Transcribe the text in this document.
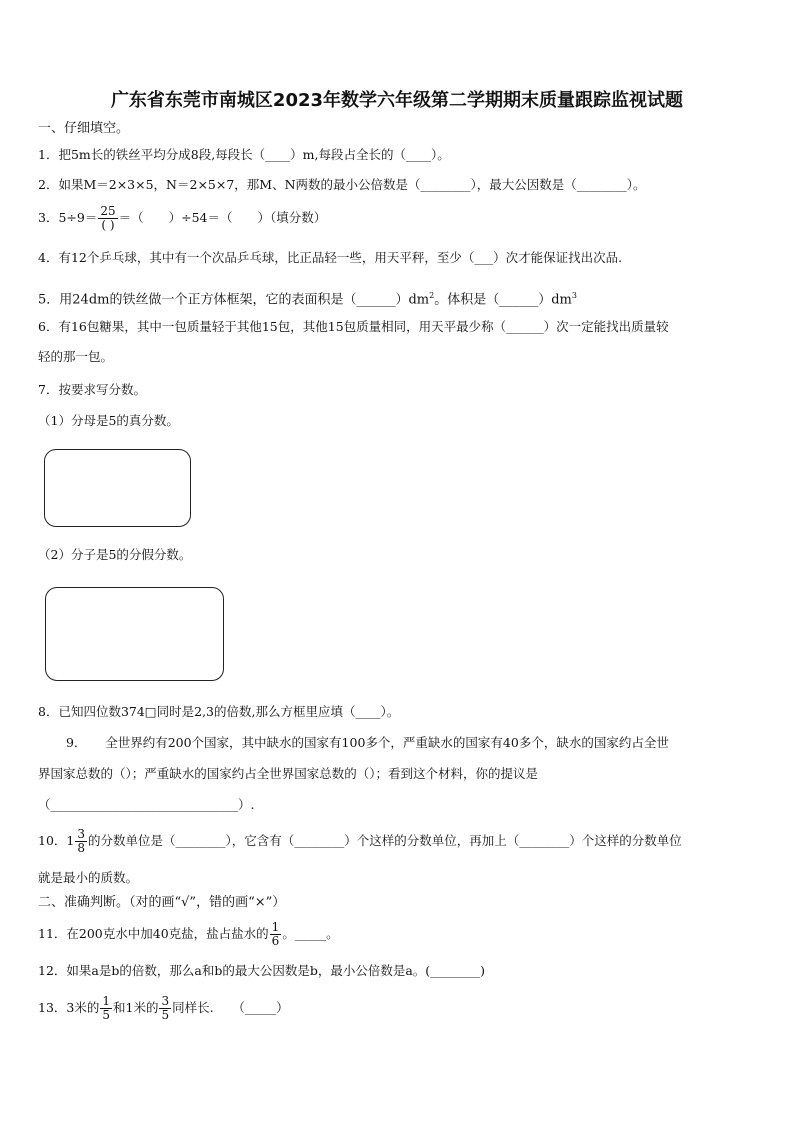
广东省东莞市南城区2023年数学六年级第二学期期末质量跟踪监视试题
一、仔细填空。
1．把5m长的铁丝平均分成8段,每段长（____）m,每段占全长的（____）。
2．如果M＝2×3×5，N＝2×5×7，那M、N两数的最小公倍数是（________），最大公因数是（________）。
3．$5\div 9= \frac{25}{( )}$ ＝（　　）÷54＝（　　）（填分数）
4．有12个乒乓球，其中有一个次品乒乓球，比正品轻一些，用天平秤，至少（___）次才能保证找出次品.
5．用24dm的铁丝做一个正方体框架，它的表面积是$(\_\_\_\_\_\_)dm^2$。体积是$(\_\_\_\_\_\_)dm^3$
6．有16包糖果，其中一包质量轻于其他15包，其他15包质量相同，用天平最少称（______）次一定能找出质量较
轻的那一包。
7．按要求写分数。
（1）分母是5的真分数。
（2）分子是5的分假分数。
8．已知四位数374□同时是2,3的倍数,那么方框里应填（____）。
9．　　全世界约有200个国家，其中缺水的国家有100多个，严重缺水的国家有40多个，缺水的国家约占全世
界国家总数的（）；严重缺水的国家约占全世界国家总数的（）；看到这个材料，你的提议是
（______________________________）.
10．$1 \frac{3}{8}$ 的分数单位是（________），它含有（________）个这样的分数单位，再加上（________）个这样的分数单位
就是最小的质数。
二、准确判断。（对的画“√”，错的画“×”）
11．在200克水中加40克盐，盐占盐水的 $\frac{1}{6}$ 。_____。
12．如果a是b的倍数，那么a和b的最大公因数是b，最小公倍数是a。(________)
13．3米的 $\frac{1}{5}$ 和1米的 $\frac{3}{5}$ 同样长.　　（_____）
